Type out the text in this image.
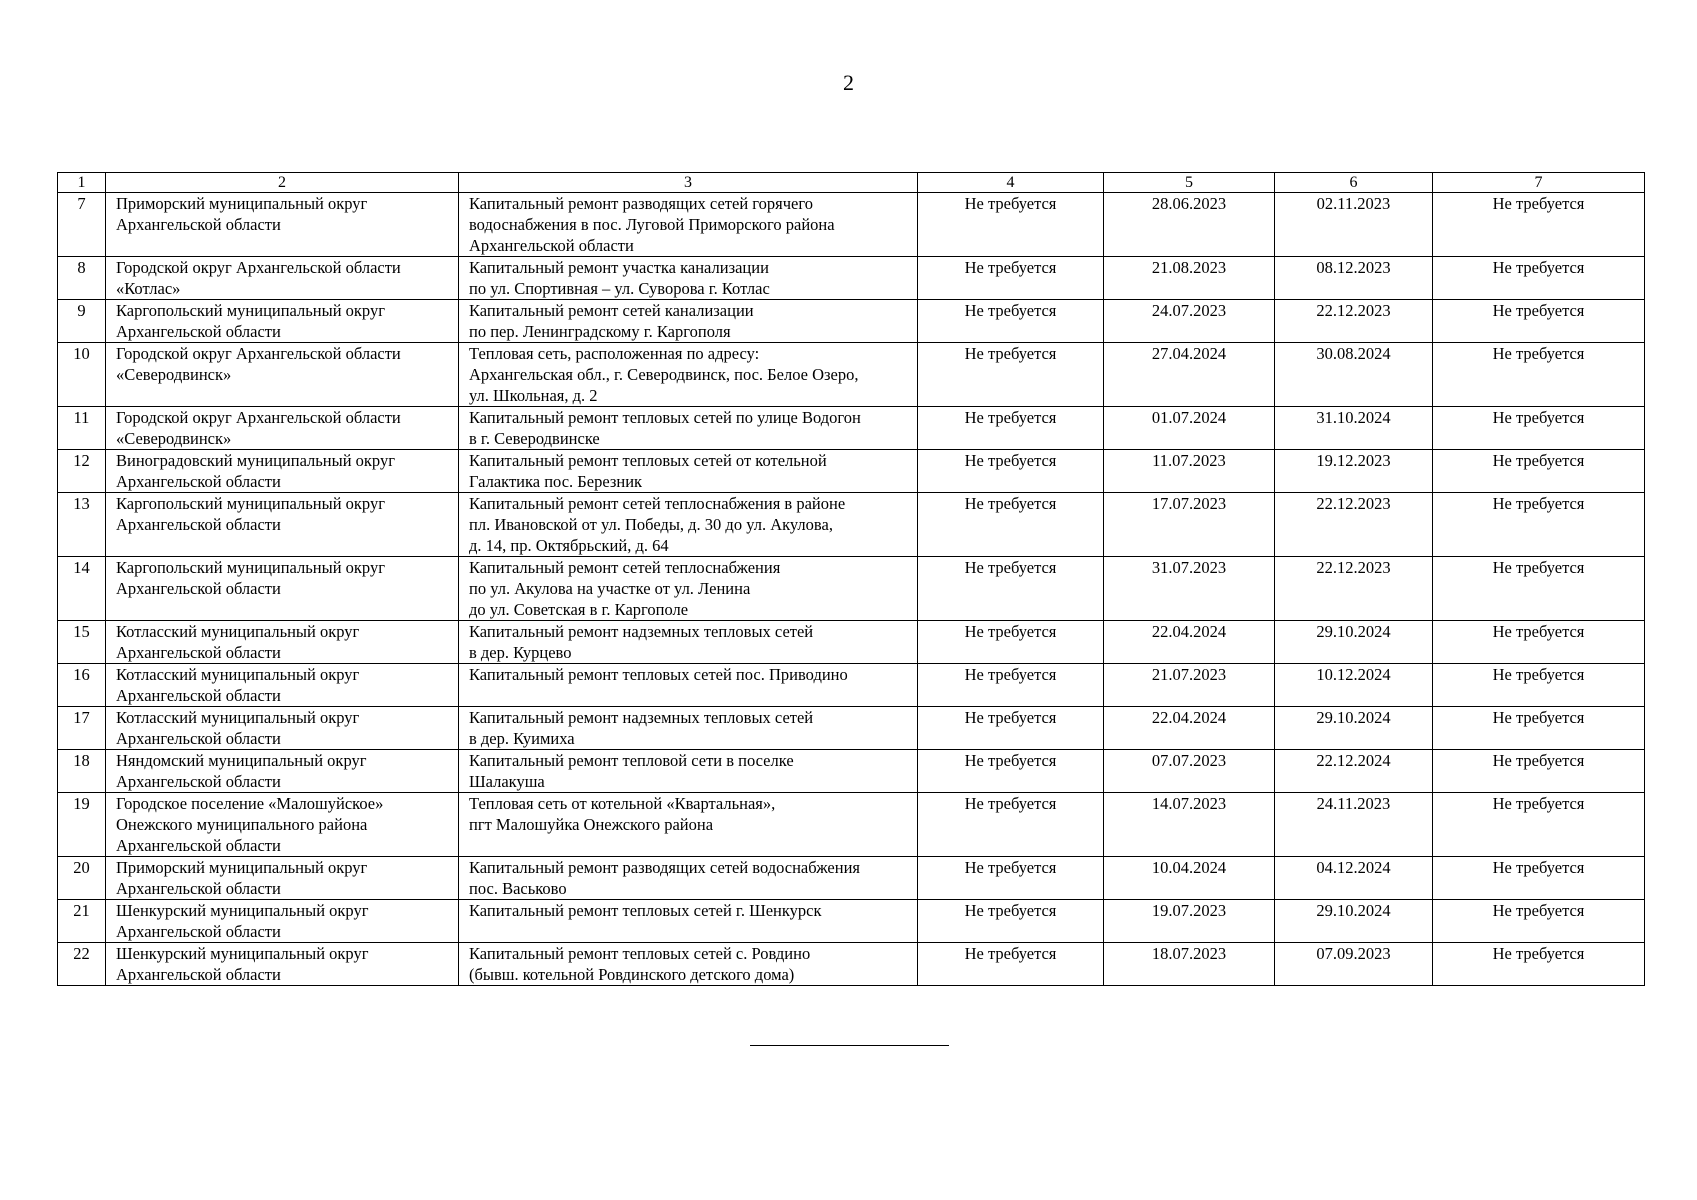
2
1	2	3	4	5	6	7
7	Приморский муниципальный округ
Архангельской области	Капитальный ремонт разводящих сетей горячего
водоснабжения в пос. Луговой Приморского района
Архангельской области	Не требуется	28.06.2023	02.11.2023	Не требуется
8	Городской округ Архангельской области
«Котлас»	Капитальный ремонт участка канализации
по ул. Спортивная – ул. Суворова г. Котлас	Не требуется	21.08.2023	08.12.2023	Не требуется
9	Каргопольский муниципальный округ
Архангельской области	Капитальный ремонт сетей канализации
по пер. Ленинградскому г. Каргополя	Не требуется	24.07.2023	22.12.2023	Не требуется
10	Городской округ Архангельской области
«Северодвинск»	Тепловая сеть, расположенная по адресу:
Архангельская обл., г. Северодвинск, пос. Белое Озеро,
ул. Школьная, д. 2	Не требуется	27.04.2024	30.08.2024	Не требуется
11	Городской округ Архангельской области
«Северодвинск»	Капитальный ремонт тепловых сетей по улице Водогон
в г. Северодвинске	Не требуется	01.07.2024	31.10.2024	Не требуется
12	Виноградовский муниципальный округ
Архангельской области	Капитальный ремонт тепловых сетей от котельной
Галактика пос. Березник	Не требуется	11.07.2023	19.12.2023	Не требуется
13	Каргопольский муниципальный округ
Архангельской области	Капитальный ремонт сетей теплоснабжения в районе
пл. Ивановской от ул. Победы, д. 30 до ул. Акулова,
д. 14, пр. Октябрьский, д. 64	Не требуется	17.07.2023	22.12.2023	Не требуется
14	Каргопольский муниципальный округ
Архангельской области	Капитальный ремонт сетей теплоснабжения
по ул. Акулова на участке от ул. Ленина
до ул. Советская в г. Каргополе	Не требуется	31.07.2023	22.12.2023	Не требуется
15	Котласский муниципальный округ
Архангельской области	Капитальный ремонт надземных тепловых сетей
в дер. Курцево	Не требуется	22.04.2024	29.10.2024	Не требуется
16	Котласский муниципальный округ
Архангельской области	Капитальный ремонт тепловых сетей пос. Приводино	Не требуется	21.07.2023	10.12.2024	Не требуется
17	Котласский муниципальный округ
Архангельской области	Капитальный ремонт надземных тепловых сетей
в дер. Куимиха	Не требуется	22.04.2024	29.10.2024	Не требуется
18	Няндомский муниципальный округ
Архангельской области	Капитальный ремонт тепловой сети в поселке
Шалакуша	Не требуется	07.07.2023	22.12.2024	Не требуется
19	Городское поселение «Малошуйское»
Онежского муниципального района
Архангельской области	Тепловая сеть от котельной «Квартальная»,
пгт Малошуйка Онежского района	Не требуется	14.07.2023	24.11.2023	Не требуется
20	Приморский муниципальный округ
Архангельской области	Капитальный ремонт разводящих сетей водоснабжения
пос. Васьково	Не требуется	10.04.2024	04.12.2024	Не требуется
21	Шенкурский муниципальный округ
Архангельской области	Капитальный ремонт тепловых сетей г. Шенкурск	Не требуется	19.07.2023	29.10.2024	Не требуется
22	Шенкурский муниципальный округ
Архангельской области	Капитальный ремонт тепловых сетей с. Ровдино
(бывш. котельной Ровдинского детского дома)	Не требуется	18.07.2023	07.09.2023	Не требуется
